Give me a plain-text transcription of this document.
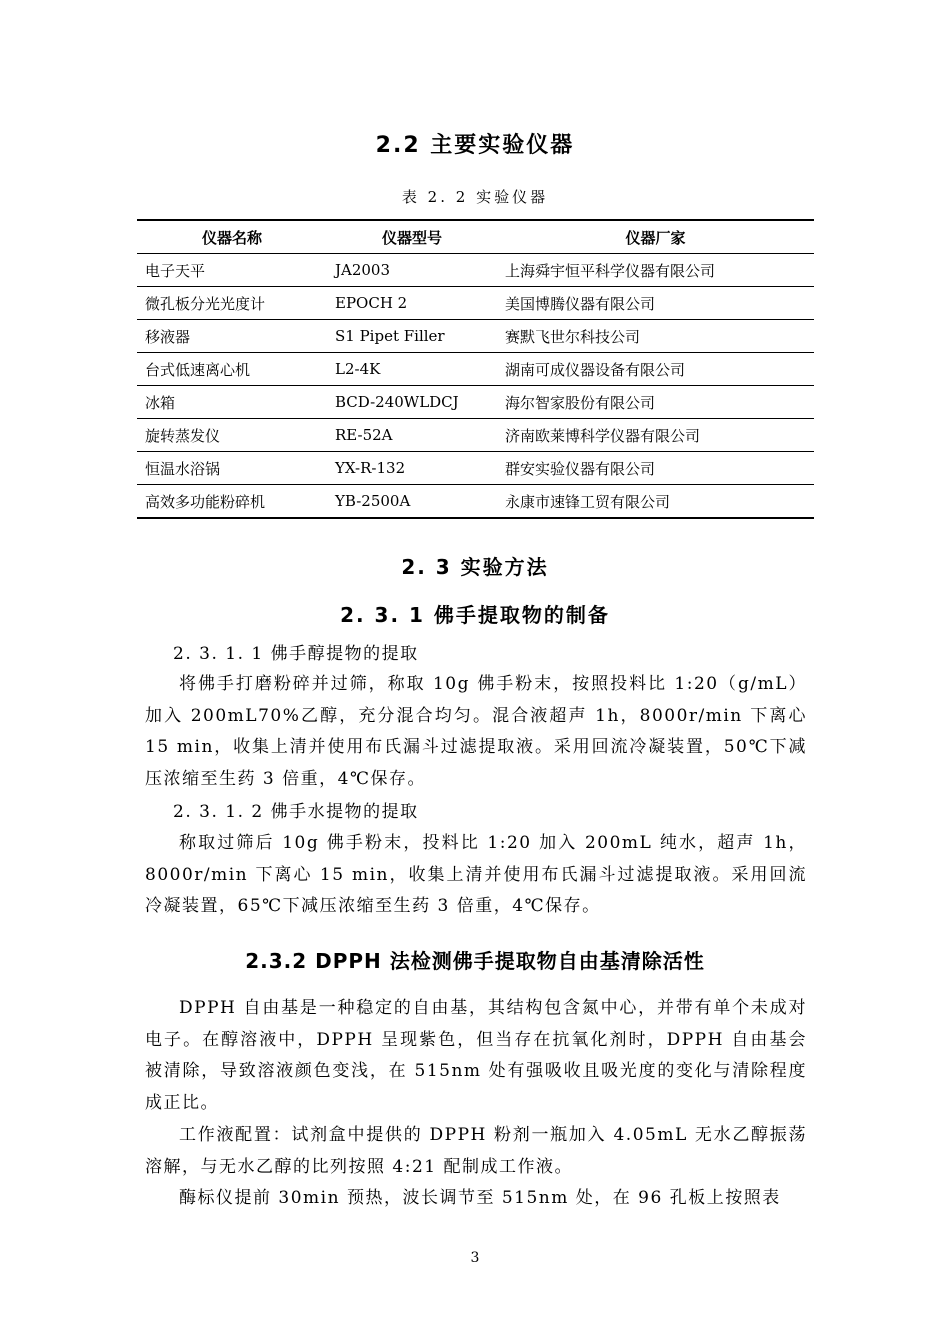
2.2 主要实验仪器
表 2. 2 实验仪器
仪器名称	仪器型号	仪器厂家
电子天平	JA2003	上海舜宇恒平科学仪器有限公司
微孔板分光光度计	EPOCH 2	美国博腾仪器有限公司
移液器	S1 Pipet Filler	赛默飞世尔科技公司
台式低速离心机	L2-4K	湖南可成仪器设备有限公司
冰箱	BCD-240WLDCJ	海尔智家股份有限公司
旋转蒸发仪	RE-52A	济南欧莱博科学仪器有限公司
恒温水浴锅	YX-R-132	群安实验仪器有限公司
高效多功能粉碎机	YB-2500A	永康市速锋工贸有限公司
2. 3 实验方法
2. 3. 1 佛手提取物的制备
2. 3. 1. 1 佛手醇提物的提取

将佛手打磨粉碎并过筛，称取 10g 佛手粉末，按照投料比 1:20（g/mL）加入 200mL70%乙醇，充分混合均匀。混合液超声 1h，8000r/min 下离心 15 min，收集上清并使用布氏漏斗过滤提取液。采用回流冷凝装置，50℃下减压浓缩至生药 3 倍重，4℃保存。

2. 3. 1. 2 佛手水提物的提取

称取过筛后 10g 佛手粉末，投料比 1:20 加入 200mL 纯水，超声 1h，8000r/min 下离心 15 min，收集上清并使用布氏漏斗过滤提取液。采用回流冷凝装置，65℃下减压浓缩至生药 3 倍重，4℃保存。

2.3.2 DPPH 法检测佛手提取物自由基清除活性

DPPH 自由基是一种稳定的自由基，其结构包含氮中心，并带有单个未成对电子。在醇溶液中，DPPH 呈现紫色，但当存在抗氧化剂时，DPPH 自由基会被清除，导致溶液颜色变浅，在 515nm 处有强吸收且吸光度的变化与清除程度成正比。

工作液配置：试剂盒中提供的 DPPH 粉剂一瓶加入 4.05mL 无水乙醇振荡溶解，与无水乙醇的比列按照 4:21 配制成工作液。

酶标仪提前 30min 预热，波长调节至 515nm 处，在 96 孔板上按照表

3
